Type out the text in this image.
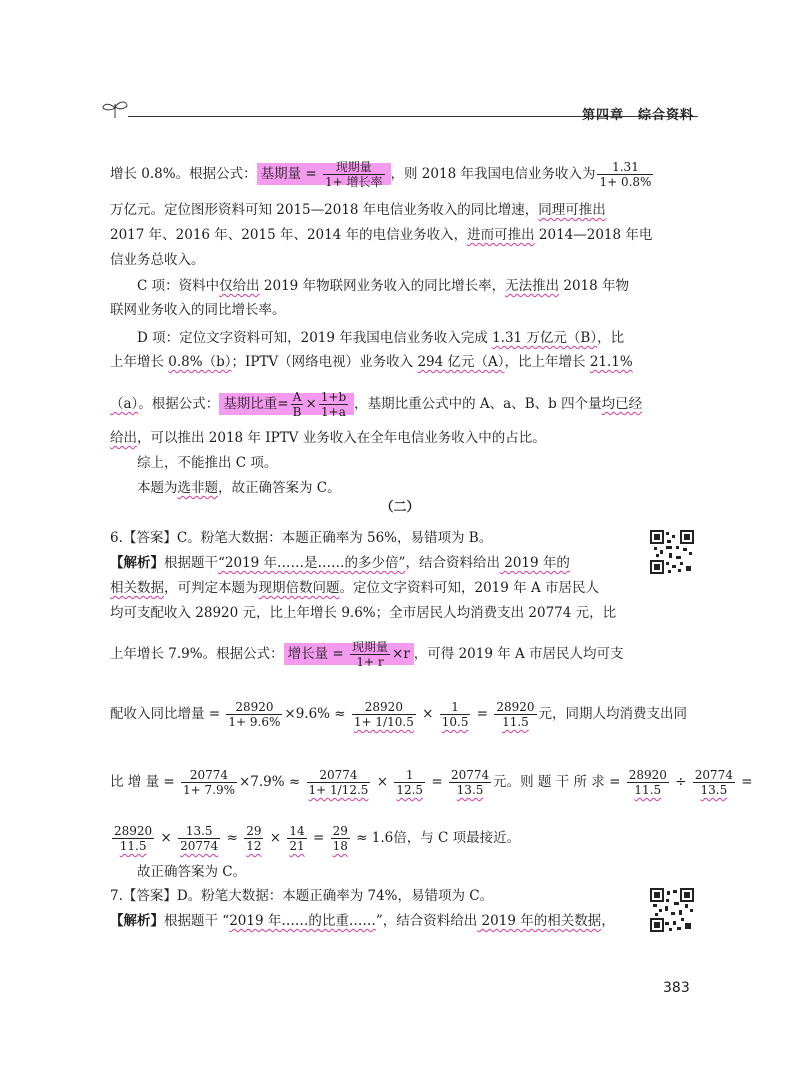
第四章　综合资料
增长 0.8%。根据公式： 基期量 = $\frac{\text{现期量}}{\text{1+ 增长率}}$ ，则 2018 年我国电信业务收入为 $\frac{1.31}{1+ 0.8\%}$
万亿元。定位图形资料可知 2015—2018 年电信业务收入的同比增速，同理可推出
2017 年、2016 年、2015 年、2014 年的电信业务收入，进而可推出 2014—2018 年电
信业务总收入。
C 项：资料中仅给出 2019 年物联网业务收入的同比增长率，无法推出 2018 年物
联网业务收入的同比增长率。
D 项：定位文字资料可知，2019 年我国电信业务收入完成 1.31 万亿元（B），比
上年增长 0.8%（b）；IPTV（网络电视）业务收入 294 亿元（A），比上年增长 21.1%
（a）。根据公式： 基期比重= $\frac{A}{B} \times \frac{1+b}{1+a}$ ，基期比重公式中的 A、a、B、b 四个量均已经
给出，可以推出 2018 年 IPTV 业务收入在全年电信业务收入中的占比。
综上，不能推出 C 项。
本题为选非题，故正确答案为 C。
（二）
6.【答案】C。粉笔大数据：本题正确率为 56%，易错项为 B。
【解析】根据题干“2019 年……是……的多少倍”，结合资料给出 2019 年的
相关数据，可判定本题为现期倍数问题。定位文字资料可知，2019 年 A 市居民人
均可支配收入 28920 元，比上年增长 9.6%；全市居民人均消费支出 20774 元，比
上年增长 7.9%。根据公式： 增长量 = $\frac{\text{现期量}}{1+ r} \times r$ ，可得 2019 年 A 市居民人均可支
配收入同比增量 = $\frac{28920}{1+ 9.6\%} \times 9.6\% \approx \frac{28920}{1+ 1/10.5} \times \frac{1}{10.5} = \frac{28920}{11.5}$ 元，同期人均消费支出同
比 增 量 = $\frac{20774}{1+ 7.9\%} \times 7.9\% \approx \frac{20774}{1+ 1/12.5} \times \frac{1}{12.5} = \frac{20774}{13.5}$ 元。则 题 干 所 求 = $\frac{28920}{11.5} \div \frac{20774}{13.5}$ =
$\frac{28920}{11.5} \times \frac{13.5}{20774} \approx \frac{29}{12} \times \frac{14}{21} = \frac{29}{18} \approx 1.6$倍，与 C 项最接近。
故正确答案为 C。
7.【答案】D。粉笔大数据：本题正确率为 74%，易错项为 C。
【解析】根据题干 “2019 年……的比重……”，结合资料给出 2019 年的相关数据，
383
